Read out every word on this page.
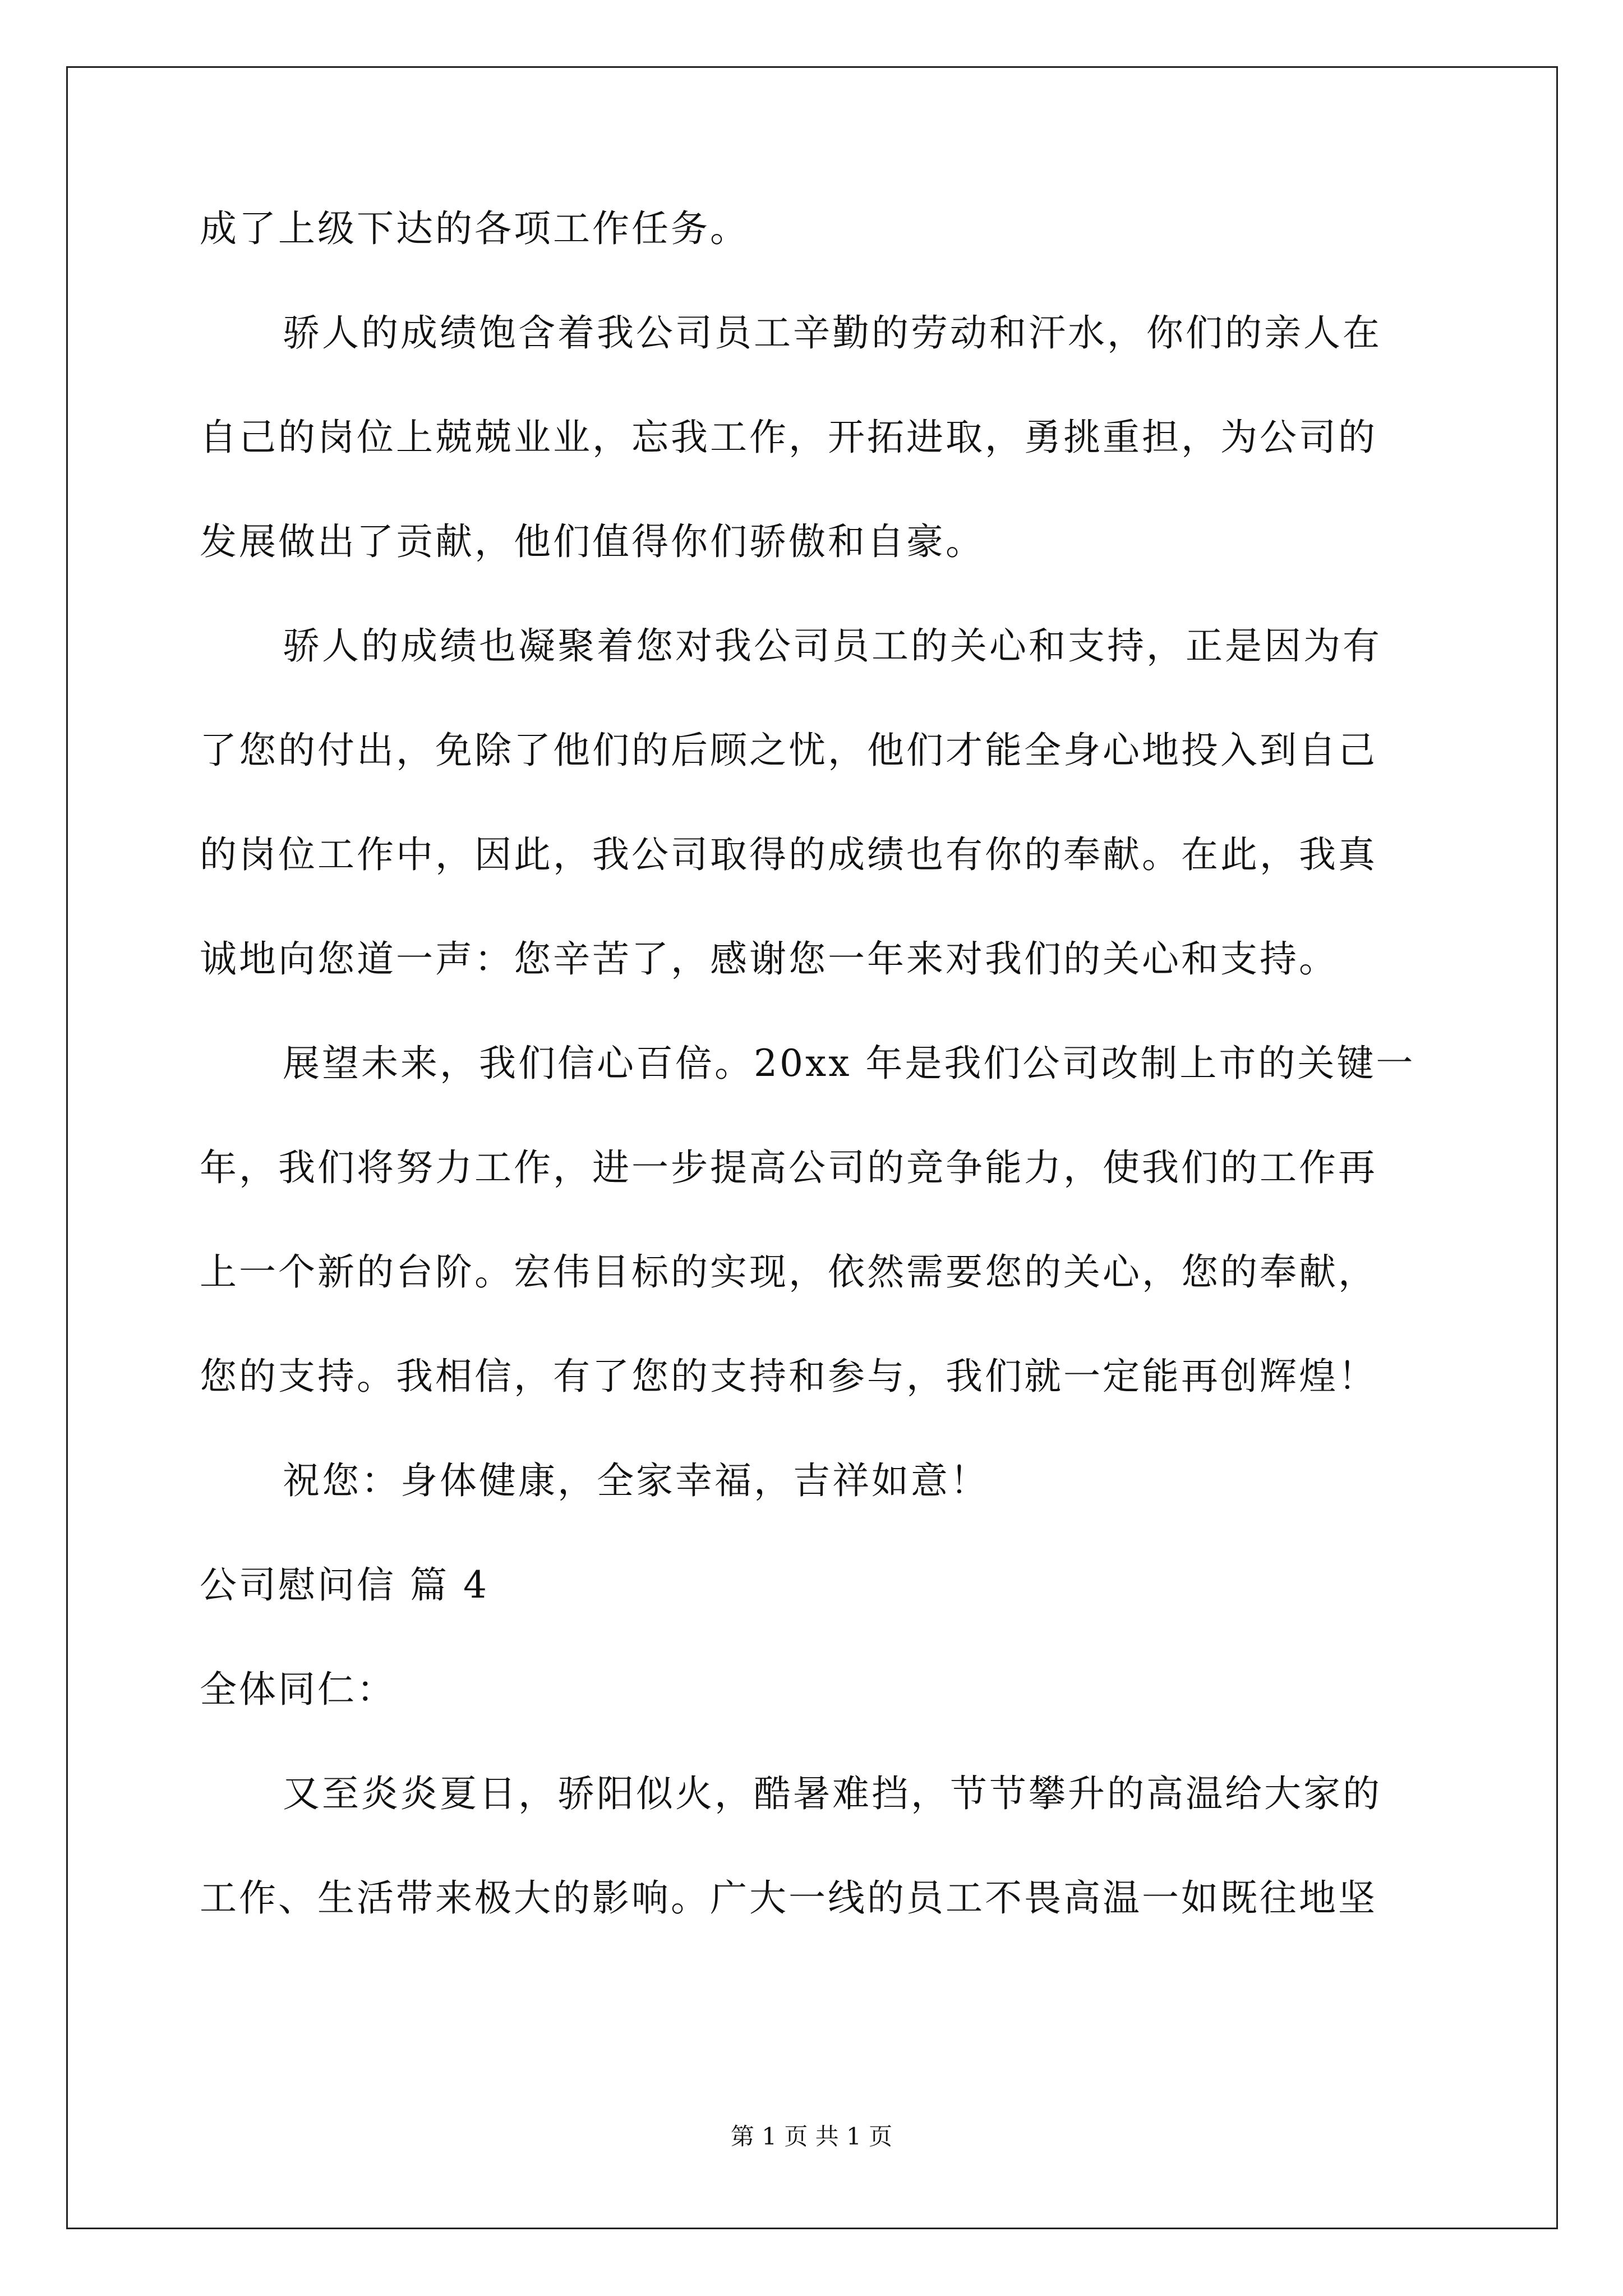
成了上级下达的各项工作任务。
骄人的成绩饱含着我公司员工辛勤的劳动和汗水，你们的亲人在
自己的岗位上兢兢业业，忘我工作，开拓进取，勇挑重担，为公司的
发展做出了贡献，他们值得你们骄傲和自豪。
骄人的成绩也凝聚着您对我公司员工的关心和支持，正是因为有
了您的付出，免除了他们的后顾之忧，他们才能全身心地投入到自己
的岗位工作中，因此，我公司取得的成绩也有你的奉献。在此，我真
诚地向您道一声：您辛苦了，感谢您一年来对我们的关心和支持。
展望未来，我们信心百倍。20xx 年是我们公司改制上市的关键一
年，我们将努力工作，进一步提高公司的竞争能力，使我们的工作再
上一个新的台阶。宏伟目标的实现，依然需要您的关心，您的奉献，
您的支持。我相信，有了您的支持和参与，我们就一定能再创辉煌！
祝您：身体健康，全家幸福，吉祥如意！
公司慰问信 篇 4
全体同仁：
又至炎炎夏日，骄阳似火，酷暑难挡，节节攀升的高温给大家的
工作、生活带来极大的影响。广大一线的员工不畏高温一如既往地坚
第 1 页 共 1 页
